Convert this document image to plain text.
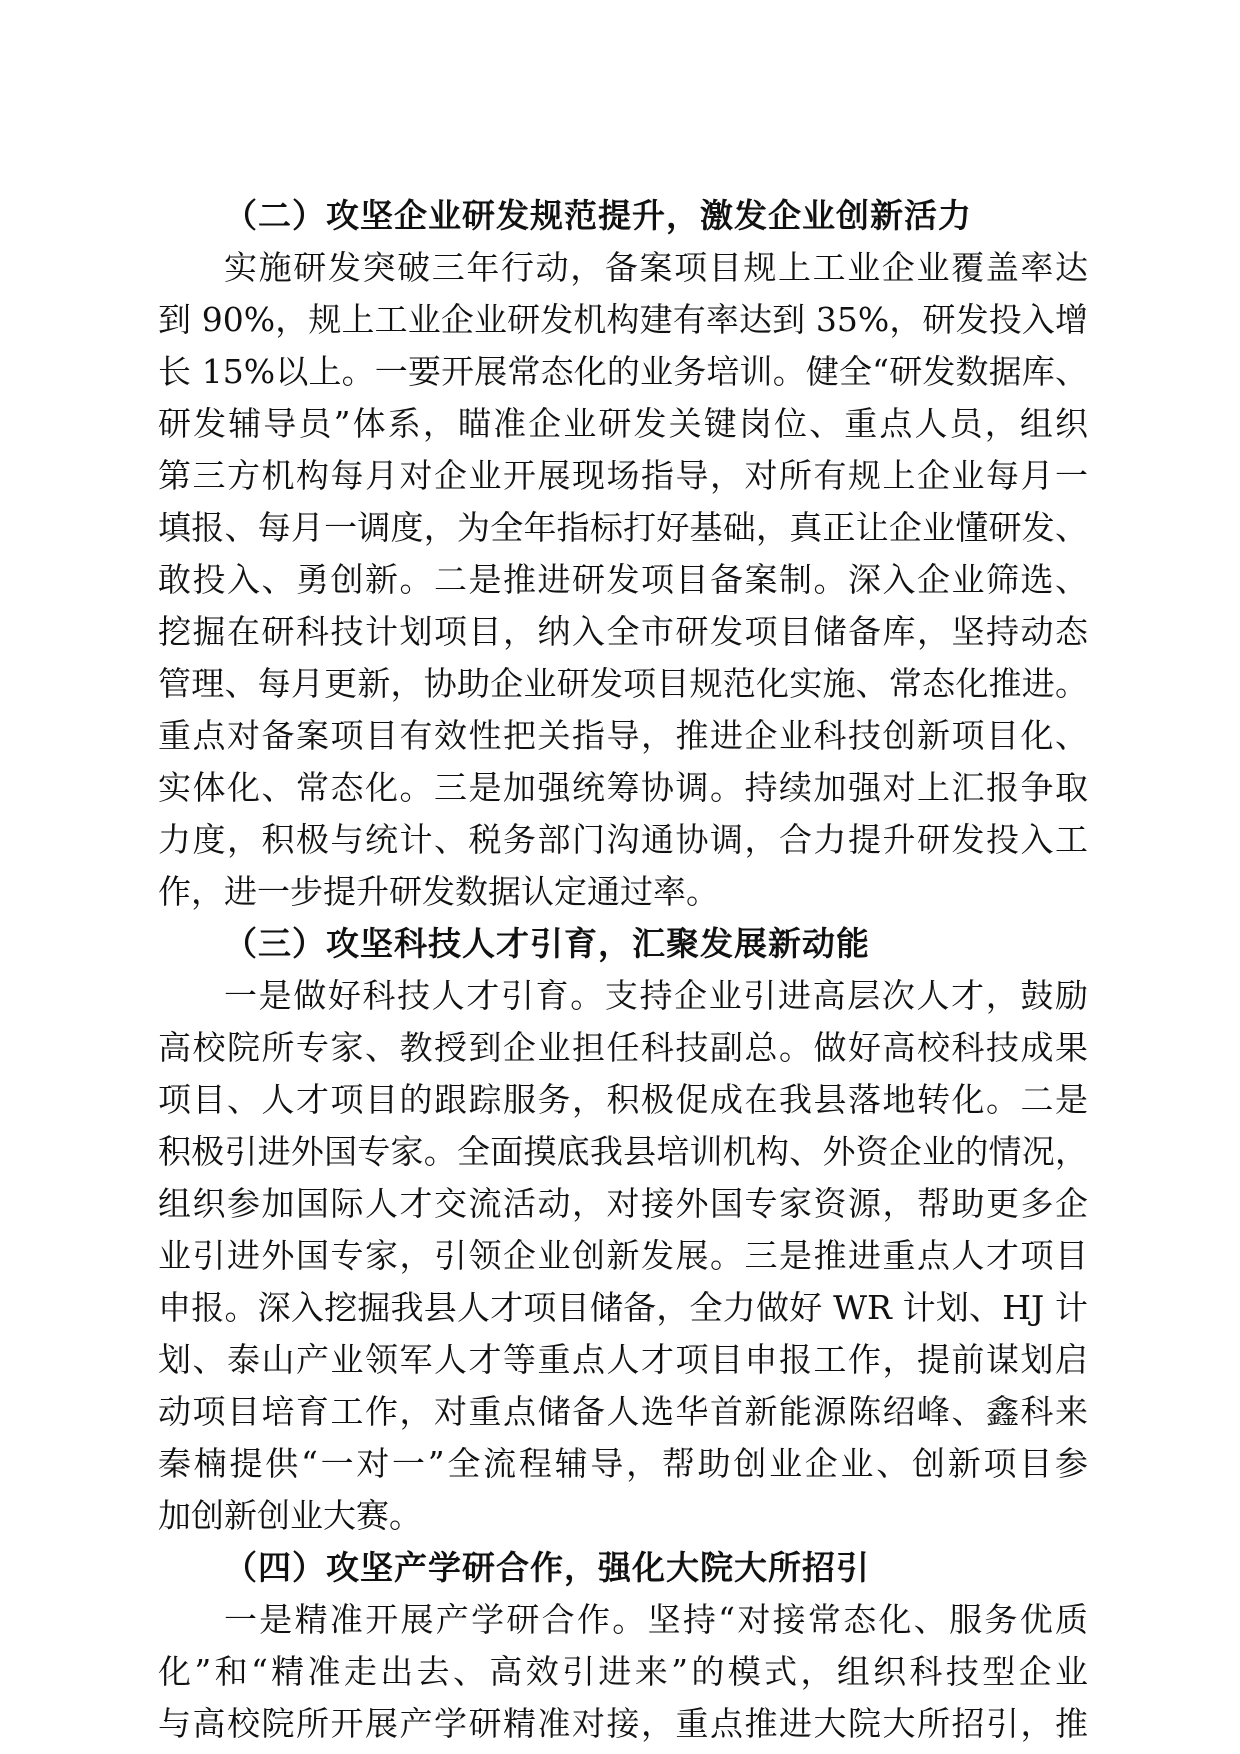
（二）攻坚企业研发规范提升，激发企业创新活力
实施研发突破三年行动，备案项目规上工业企业覆盖率达
到 90%，规上工业企业研发机构建有率达到 35%，研发投入增
长 15%以上。一要开展常态化的业务培训。健全“研发数据库、
研发辅导员”体系，瞄准企业研发关键岗位、重点人员，组织
第三方机构每月对企业开展现场指导，对所有规上企业每月一
填报、每月一调度，为全年指标打好基础，真正让企业懂研发、
敢投入、勇创新。二是推进研发项目备案制。深入企业筛选、
挖掘在研科技计划项目，纳入全市研发项目储备库，坚持动态
管理、每月更新，协助企业研发项目规范化实施、常态化推进。
重点对备案项目有效性把关指导，推进企业科技创新项目化、
实体化、常态化。三是加强统筹协调。持续加强对上汇报争取
力度，积极与统计、税务部门沟通协调，合力提升研发投入工
作，进一步提升研发数据认定通过率。
（三）攻坚科技人才引育，汇聚发展新动能
一是做好科技人才引育。支持企业引进高层次人才，鼓励
高校院所专家、教授到企业担任科技副总。做好高校科技成果
项目、人才项目的跟踪服务，积极促成在我县落地转化。二是
积极引进外国专家。全面摸底我县培训机构、外资企业的情况，
组织参加国际人才交流活动，对接外国专家资源，帮助更多企
业引进外国专家，引领企业创新发展。三是推进重点人才项目
申报。深入挖掘我县人才项目储备，全力做好 WR 计划、HJ 计
划、泰山产业领军人才等重点人才项目申报工作，提前谋划启
动项目培育工作，对重点储备人选华首新能源陈绍峰、鑫科来
秦楠提供“一对一”全流程辅导，帮助创业企业、创新项目参
加创新创业大赛。
（四）攻坚产学研合作，强化大院大所招引
一是精准开展产学研合作。坚持“对接常态化、服务优质
化”和“精准走出去、高效引进来”的模式，组织科技型企业
与高校院所开展产学研精准对接，重点推进大院大所招引，推
